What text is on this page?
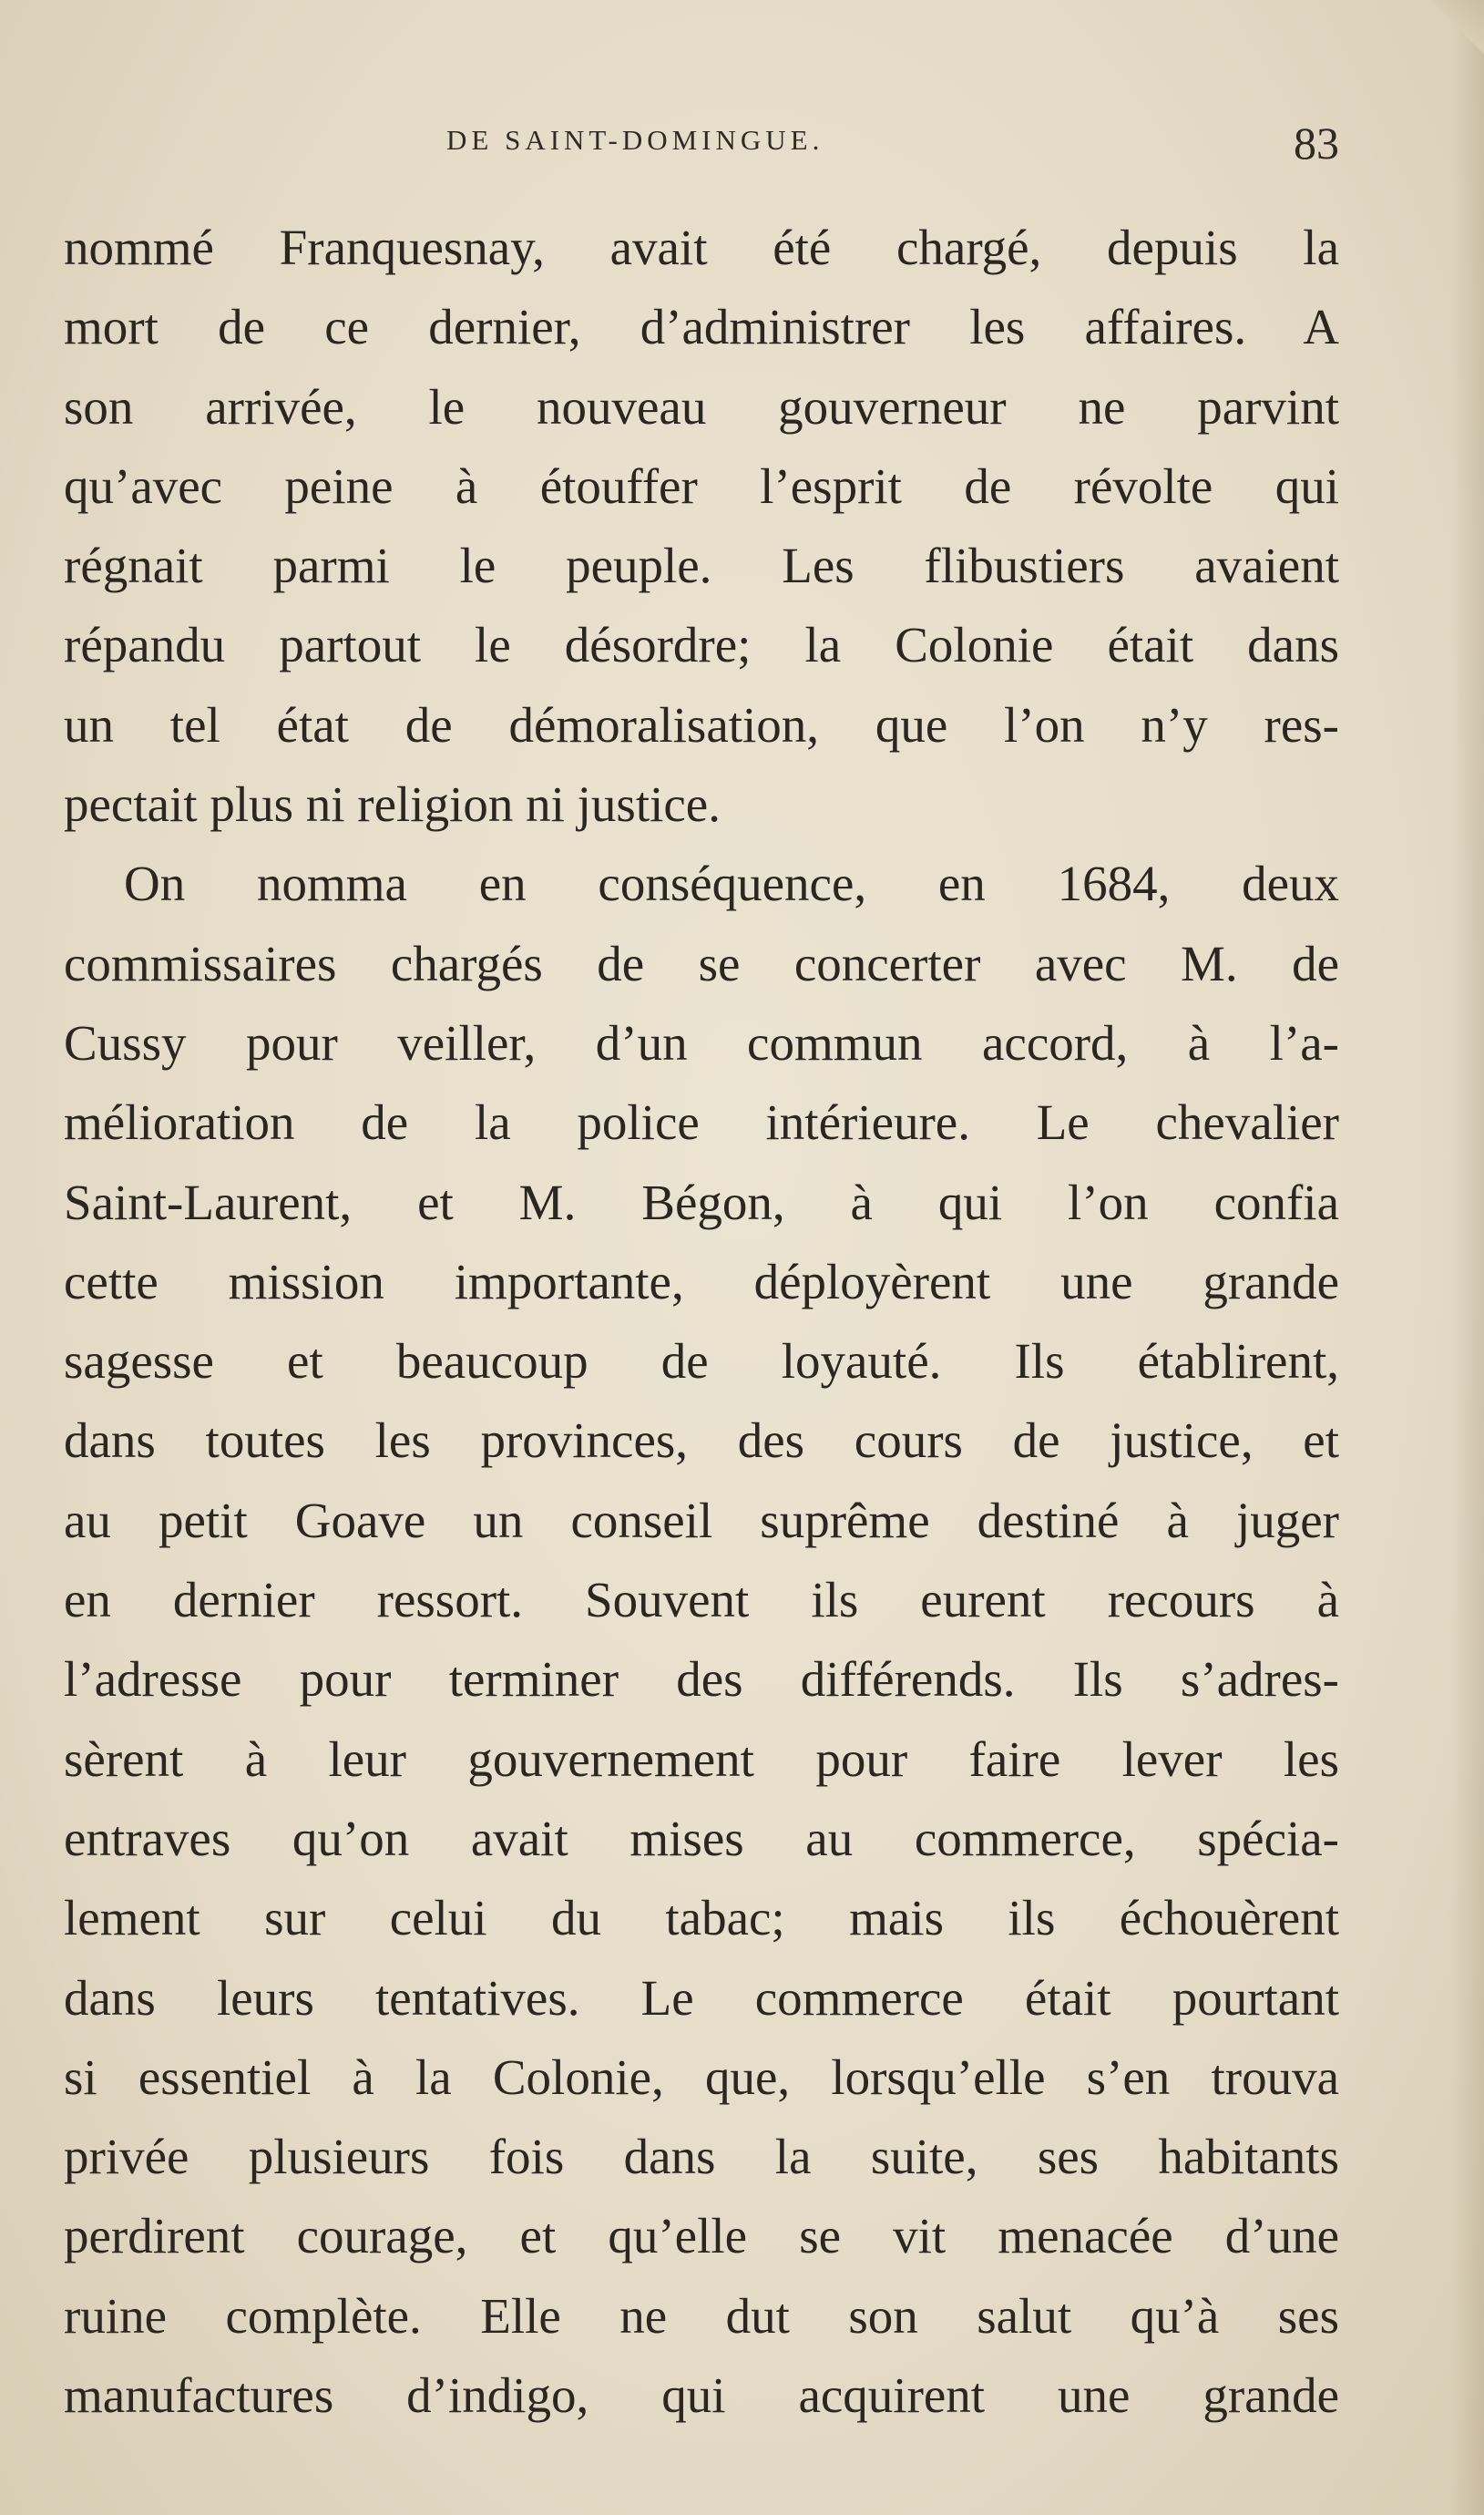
DE SAINT-DOMINGUE.	83
nommé Franquesnay, avait été chargé, depuis la
mort de ce dernier, d’administrer les affaires. A
son arrivée, le nouveau gouverneur ne parvint
qu’avec peine à étouffer l’esprit de révolte qui
régnait parmi le peuple. Les flibustiers avaient
répandu partout le désordre; la Colonie était dans
un tel état de démoralisation, que l’on n’y res-
pectait plus ni religion ni justice.
On nomma en conséquence, en 1684, deux
commissaires chargés de se concerter avec M. de
Cussy pour veiller, d’un commun accord, à l’a-
mélioration de la police intérieure. Le chevalier
Saint-Laurent, et M. Bégon, à qui l’on confia
cette mission importante, déployèrent une grande
sagesse et beaucoup de loyauté. Ils établirent,
dans toutes les provinces, des cours de justice, et
au petit Goave un conseil suprême destiné à juger
en dernier ressort. Souvent ils eurent recours à
l’adresse pour terminer des différends. Ils s’adres-
sèrent à leur gouvernement pour faire lever les
entraves qu’on avait mises au commerce, spécia-
lement sur celui du tabac; mais ils échouèrent
dans leurs tentatives. Le commerce était pourtant
si essentiel à la Colonie, que, lorsqu’elle s’en trouva
privée plusieurs fois dans la suite, ses habitants
perdirent courage, et qu’elle se vit menacée d’une
ruine complète. Elle ne dut son salut qu’à ses
manufactures d’indigo, qui acquirent une grande
